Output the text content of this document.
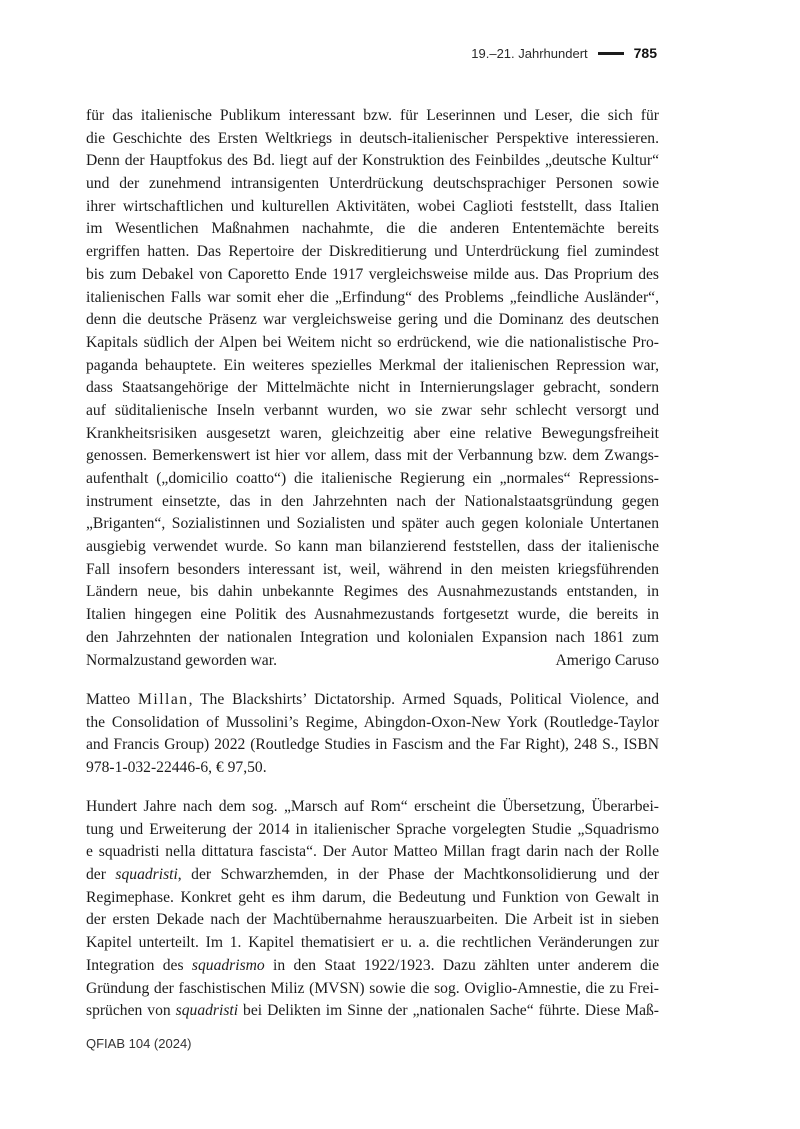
19.–21. Jahrhundert	785
für das italienische Publikum interessant bzw. für Leserinnen und Leser, die sich für
die Geschichte des Ersten Weltkriegs in deutsch-italienischer Perspektive interessieren.
Denn der Hauptfokus des Bd. liegt auf der Konstruktion des Feinbildes „deutsche Kultur“
und der zunehmend intransigenten Unterdrückung deutschsprachiger Personen sowie
ihrer wirtschaftlichen und kulturellen Aktivitäten, wobei Caglioti feststellt, dass Italien
im Wesentlichen Maßnahmen nachahmte, die die anderen Ententemächte bereits
ergriffen hatten. Das Repertoire der Diskreditierung und Unterdrückung fiel zumindest
bis zum Debakel von Caporetto Ende 1917 vergleichsweise milde aus. Das Proprium des
italienischen Falls war somit eher die „Erfindung“ des Problems „feindliche Ausländer“,
denn die deutsche Präsenz war vergleichsweise gering und die Dominanz des deutschen
Kapitals südlich der Alpen bei Weitem nicht so erdrückend, wie die nationalistische Pro-
paganda behauptete. Ein weiteres spezielles Merkmal der italienischen Repression war,
dass Staatsangehörige der Mittelmächte nicht in Internierungslager gebracht, sondern
auf süditalienische Inseln verbannt wurden, wo sie zwar sehr schlecht versorgt und
Krankheitsrisiken ausgesetzt waren, gleichzeitig aber eine relative Bewegungsfreiheit
genossen. Bemerkenswert ist hier vor allem, dass mit der Verbannung bzw. dem Zwangs-
aufenthalt („domicilio coatto“) die italienische Regierung ein „normales“ Repressions-
instrument einsetzte, das in den Jahrzehnten nach der Nationalstaatsgründung gegen
„Briganten“, Sozialistinnen und Sozialisten und später auch gegen koloniale Untertanen
ausgiebig verwendet wurde. So kann man bilanzierend feststellen, dass der italienische
Fall insofern besonders interessant ist, weil, während in den meisten kriegsführenden
Ländern neue, bis dahin unbekannte Regimes des Ausnahmezustands entstanden, in
Italien hingegen eine Politik des Ausnahmezustands fortgesetzt wurde, die bereits in
den Jahrzehnten der nationalen Integration und kolonialen Expansion nach 1861 zum
Normalzustand geworden war.	Amerigo Caruso
Matteo Millan, The Blackshirts’ Dictatorship. Armed Squads, Political Violence, and
the Consolidation of Mussolini’s Regime, Abingdon-Oxon-New York (Routledge-Taylor
and Francis Group) 2022 (Routledge Studies in Fascism and the Far Right), 248 S., ISBN
978-1-032-22446-6, € 97,50.
Hundert Jahre nach dem sog. „Marsch auf Rom“ erscheint die Übersetzung, Überarbei-
tung und Erweiterung der 2014 in italienischer Sprache vorgelegten Studie „Squadrismo
e squadristi nella dittatura fascista“. Der Autor Matteo Millan fragt darin nach der Rolle
der squadristi, der Schwarzhemden, in der Phase der Machtkonsolidierung und der
Regimephase. Konkret geht es ihm darum, die Bedeutung und Funktion von Gewalt in
der ersten Dekade nach der Machtübernahme herauszuarbeiten. Die Arbeit ist in sieben
Kapitel unterteilt. Im 1. Kapitel thematisiert er u. a. die rechtlichen Veränderungen zur
Integration des squadrismo in den Staat 1922/1923. Dazu zählten unter anderem die
Gründung der faschistischen Miliz (MVSN) sowie die sog. Oviglio-Amnestie, die zu Frei-
sprüchen von squadristi bei Delikten im Sinne der „nationalen Sache“ führte. Diese Maß-
QFIAB 104 (2024)
